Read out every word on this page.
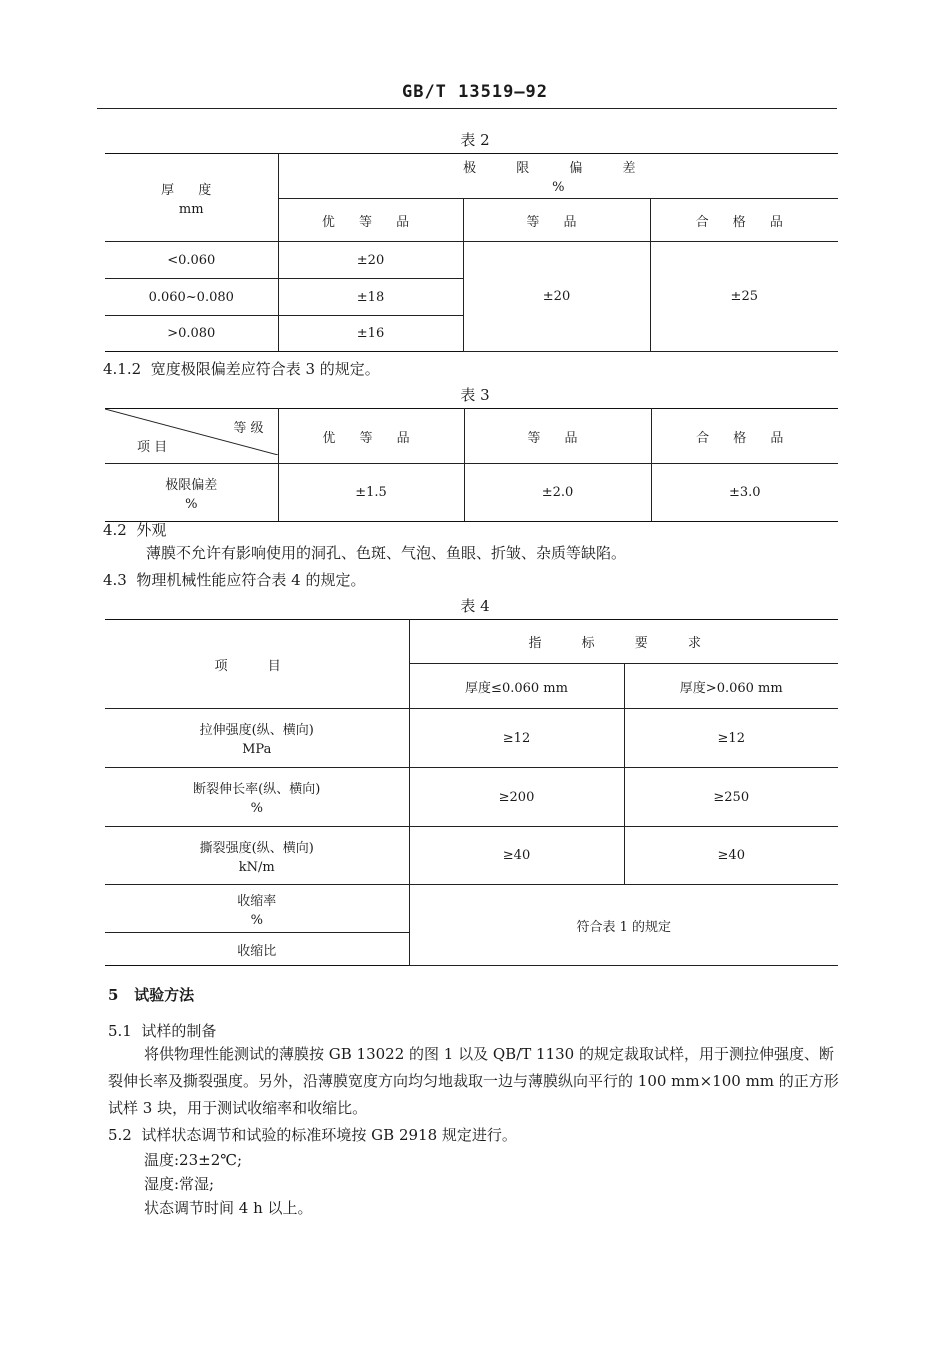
GB/T 13519—92
表 2
厚 度
mm	极 限 偏 差
%		

	优 等 品	等 品	合 格 品
<0.060	±20	±20	±25
0.060~0.080	±18		
>0.080	±16		
4.1.2 宽度极限偏差应符合表 3 的规定。
表 3
等 级
项 目	优 等 品	等 品	合 格 品
极限偏差
%	±1.5	±2.0	±3.0
4.2 外观
薄膜不允许有影响使用的洞孔、色斑、气泡、鱼眼、折皱、杂质等缺陷。
4.3 物理机械性能应符合表 4 的规定。
表 4
项 目	指 标 要 求	
	厚度≤0.060 mm	厚度>0.060 mm
拉伸强度(纵、横向)
MPa	≥12	≥12
断裂伸长率(纵、横向)
%	≥200	≥250
撕裂强度(纵、横向)
kN/m	≥40	≥40
收缩率
%	符合表 1 的规定	
收缩比		
5 试验方法
5.1 试样的制备
将供物理性能测试的薄膜按 GB 13022 的图 1 以及 QB/T 1130 的规定裁取试样，用于测拉伸强度、断裂伸长率及撕裂强度。另外，沿薄膜宽度方向均匀地裁取一边与薄膜纵向平行的 100 mm×100 mm 的正方形试样 3 块，用于测试收缩率和收缩比。
5.2 试样状态调节和试验的标准环境按 GB 2918 规定进行。
温度:23±2℃;
湿度:常湿;
状态调节时间 4 h 以上。
